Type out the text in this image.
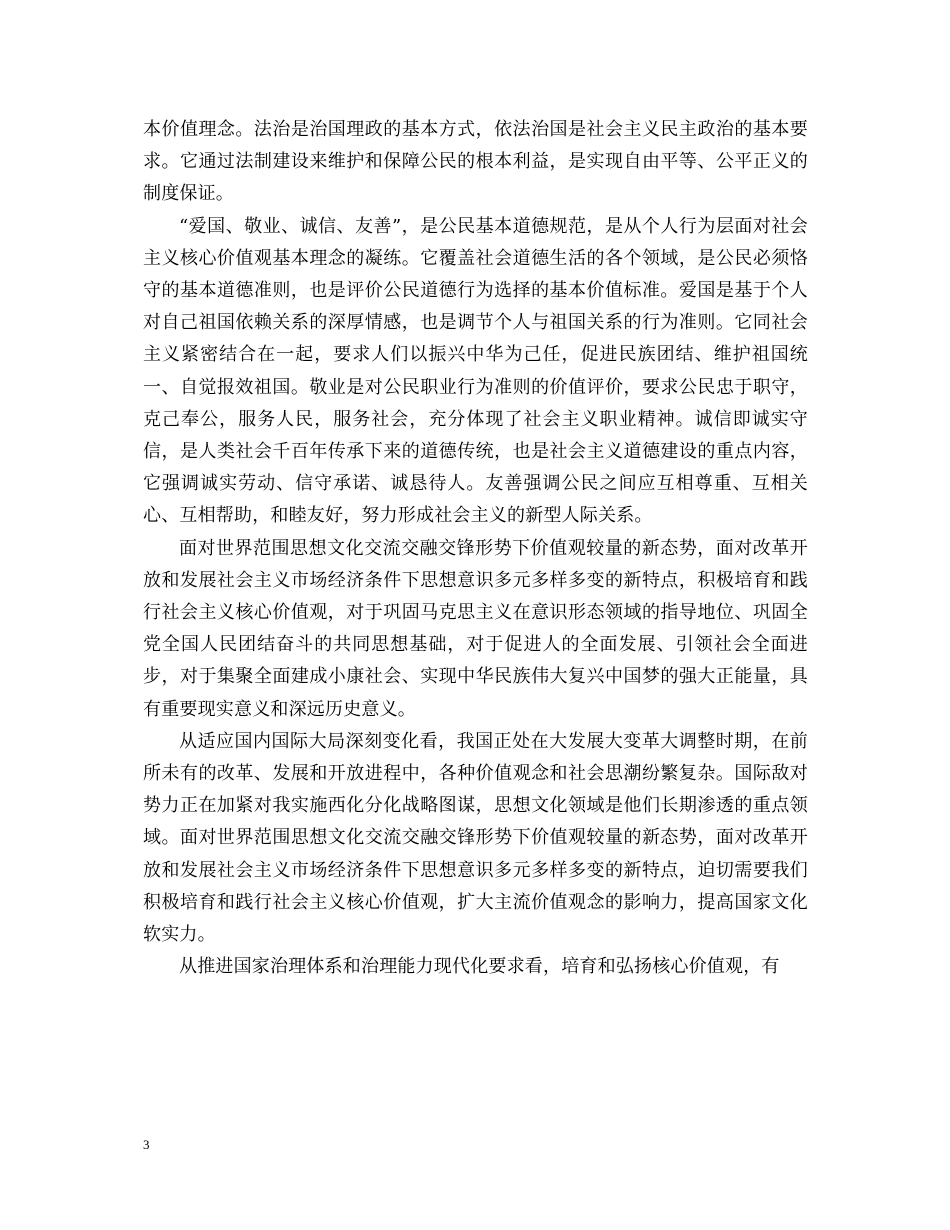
本价值理念。法治是治国理政的基本方式，依法治国是社会主义民主政治的基本要求。它通过法制建设来维护和保障公民的根本利益，是实现自由平等、公平正义的制度保证。

“爱国、敬业、诚信、友善”，是公民基本道德规范，是从个人行为层面对社会主义核心价值观基本理念的凝练。它覆盖社会道德生活的各个领域，是公民必须恪守的基本道德准则，也是评价公民道德行为选择的基本价值标准。爱国是基于个人对自己祖国依赖关系的深厚情感，也是调节个人与祖国关系的行为准则。它同社会主义紧密结合在一起，要求人们以振兴中华为己任，促进民族团结、维护祖国统一、自觉报效祖国。敬业是对公民职业行为准则的价值评价，要求公民忠于职守，克己奉公，服务人民，服务社会，充分体现了社会主义职业精神。诚信即诚实守信，是人类社会千百年传承下来的道德传统，也是社会主义道德建设的重点内容，它强调诚实劳动、信守承诺、诚恳待人。友善强调公民之间应互相尊重、互相关心、互相帮助，和睦友好，努力形成社会主义的新型人际关系。

面对世界范围思想文化交流交融交锋形势下价值观较量的新态势，面对改革开放和发展社会主义市场经济条件下思想意识多元多样多变的新特点，积极培育和践行社会主义核心价值观，对于巩固马克思主义在意识形态领域的指导地位、巩固全党全国人民团结奋斗的共同思想基础，对于促进人的全面发展、引领社会全面进步，对于集聚全面建成小康社会、实现中华民族伟大复兴中国梦的强大正能量，具有重要现实意义和深远历史意义。

从适应国内国际大局深刻变化看，我国正处在大发展大变革大调整时期，在前所未有的改革、发展和开放进程中，各种价值观念和社会思潮纷繁复杂。国际敌对势力正在加紧对我实施西化分化战略图谋，思想文化领域是他们长期渗透的重点领域。面对世界范围思想文化交流交融交锋形势下价值观较量的新态势，面对改革开放和发展社会主义市场经济条件下思想意识多元多样多变的新特点，迫切需要我们积极培育和践行社会主义核心价值观，扩大主流价值观念的影响力，提高国家文化软实力。

从推进国家治理体系和治理能力现代化要求看，培育和弘扬核心价值观，有

3
